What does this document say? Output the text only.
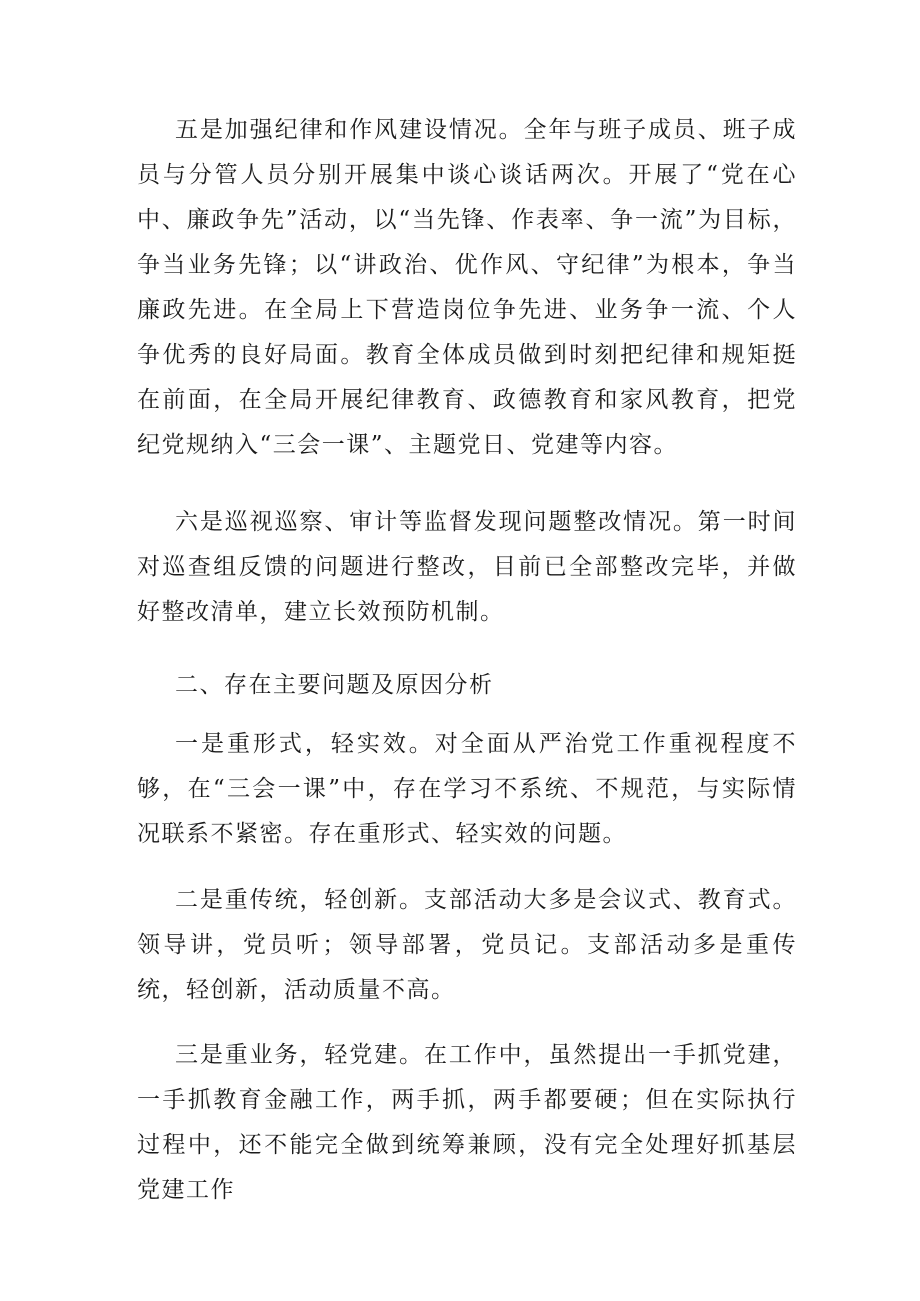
五是加强纪律和作风建设情况。全年与班子成员、班子成员与分管人员分别开展集中谈心谈话两次。开展了“党在心中、廉政争先”活动，以“当先锋、作表率、争一流”为目标，争当业务先锋；以“讲政治、优作风、守纪律”为根本，争当廉政先进。在全局上下营造岗位争先进、业务争一流、个人争优秀的良好局面。教育全体成员做到时刻把纪律和规矩挺在前面，在全局开展纪律教育、政德教育和家风教育，把党纪党规纳入“三会一课”、主题党日、党建等内容。

六是巡视巡察、审计等监督发现问题整改情况。第一时间对巡查组反馈的问题进行整改，目前已全部整改完毕，并做好整改清单，建立长效预防机制。

二、存在主要问题及原因分析

一是重形式，轻实效。对全面从严治党工作重视程度不够，在“三会一课”中，存在学习不系统、不规范，与实际情况联系不紧密。存在重形式、轻实效的问题。

二是重传统，轻创新。支部活动大多是会议式、教育式。领导讲，党员听；领导部署，党员记。支部活动多是重传统，轻创新，活动质量不高。

三是重业务，轻党建。在工作中，虽然提出一手抓党建，一手抓教育金融工作，两手抓，两手都要硬；但在实际执行过程中，还不能完全做到统筹兼顾，没有完全处理好抓基层党建工作
